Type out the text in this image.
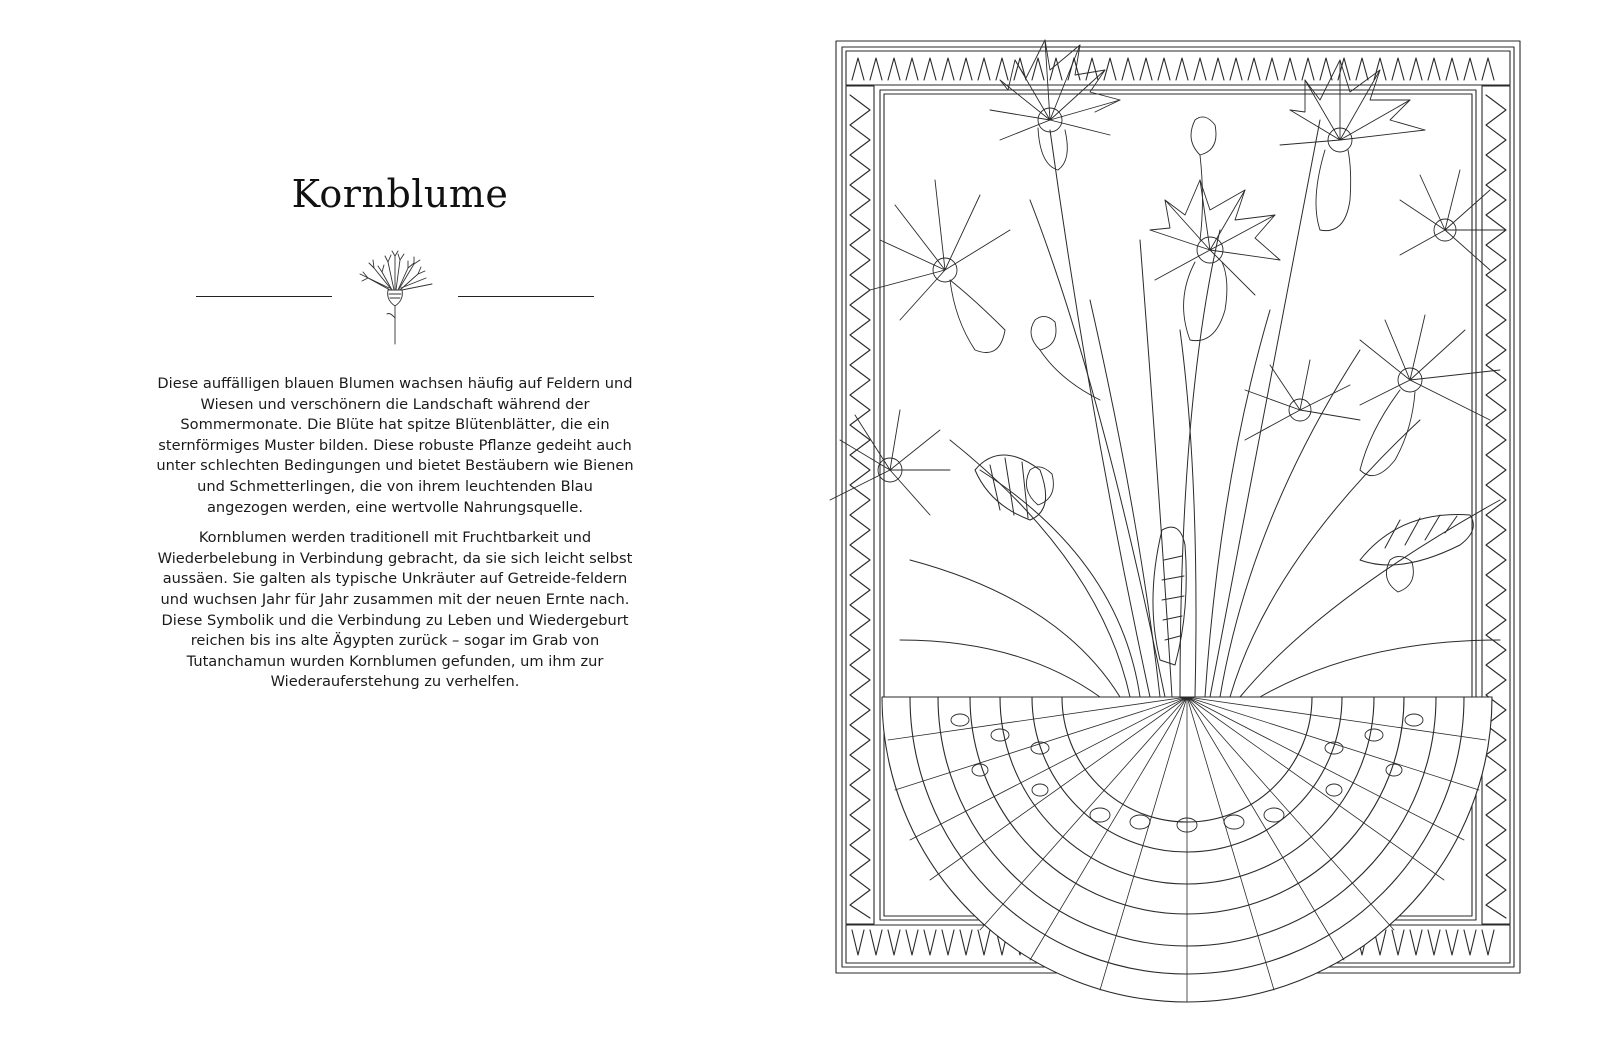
Kornblume

Diese auffälligen blauen Blumen wachsen häufig auf Feldern und Wiesen und verschönern die Landschaft während der Sommermonate. Die Blüte hat spitze Blütenblätter, die ein sternförmiges Muster bilden. Diese robuste Pflanze gedeiht auch unter schlechten Bedingungen und bietet Bestäubern wie Bienen und Schmetterlingen, die von ihrem leuchtenden Blau angezogen werden, eine wertvolle Nahrungsquelle.

Kornblumen werden traditionell mit Fruchtbarkeit und Wiederbelebung in Verbindung gebracht, da sie sich leicht selbst aussäen. Sie galten als typische Unkräuter auf Getreide-feldern und wuchsen Jahr für Jahr zusammen mit der neuen Ernte nach. Diese Symbolik und die Verbindung zu Leben und Wiedergeburt reichen bis ins alte Ägypten zurück – sogar im Grab von Tutanchamun wurden Kornblumen gefunden, um ihm zur Wiederauferstehung zu verhelfen.
